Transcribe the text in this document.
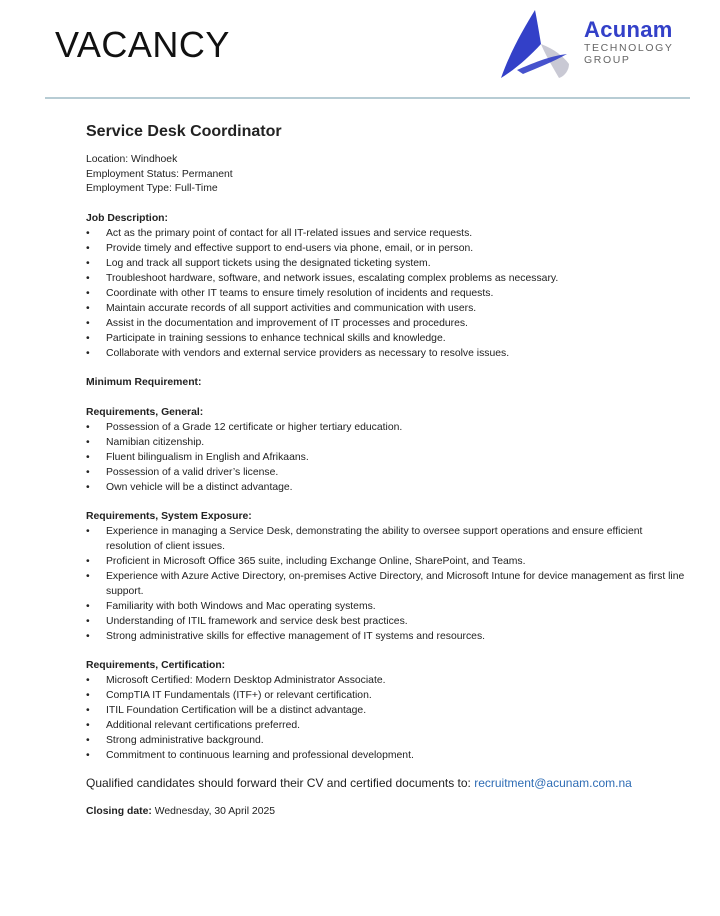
VACANCY	Acunam
TECHNOLOGY
GROUP
Service Desk Coordinator

Location: Windhoek

Employment Status: Permanent

Employment Type: Full-Time

Job Description:

• Act as the primary point of contact for all IT-related issues and service requests.
• Provide timely and effective support to end-users via phone, email, or in person.
• Log and track all support tickets using the designated ticketing system.
• Troubleshoot hardware, software, and network issues, escalating complex problems as necessary.
• Coordinate with other IT teams to ensure timely resolution of incidents and requests.
• Maintain accurate records of all support activities and communication with users.
• Assist in the documentation and improvement of IT processes and procedures.
• Participate in training sessions to enhance technical skills and knowledge.
• Collaborate with vendors and external service providers as necessary to resolve issues.

Minimum Requirement:

Requirements, General:

• Possession of a Grade 12 certificate or higher tertiary education.
• Namibian citizenship.
• Fluent bilingualism in English and Afrikaans.
• Possession of a valid driver’s license.
• Own vehicle will be a distinct advantage.

Requirements, System Exposure:

• Experience in managing a Service Desk, demonstrating the ability to oversee support operations and ensure efficient resolution of client issues.
• Proficient in Microsoft Office 365 suite, including Exchange Online, SharePoint, and Teams.
• Experience with Azure Active Directory, on-premises Active Directory, and Microsoft Intune for device management as first line support.
• Familiarity with both Windows and Mac operating systems.
• Understanding of ITIL framework and service desk best practices.
• Strong administrative skills for effective management of IT systems and resources.

Requirements, Certification:

• Microsoft Certified: Modern Desktop Administrator Associate.
• CompTIA IT Fundamentals (ITF+) or relevant certification.
• ITIL Foundation Certification will be a distinct advantage.
• Additional relevant certifications preferred.
• Strong administrative background.
• Commitment to continuous learning and professional development.

Qualified candidates should forward their CV and certified documents to: recruitment@acunam.com.na

Closing date: Wednesday, 30 April 2025
